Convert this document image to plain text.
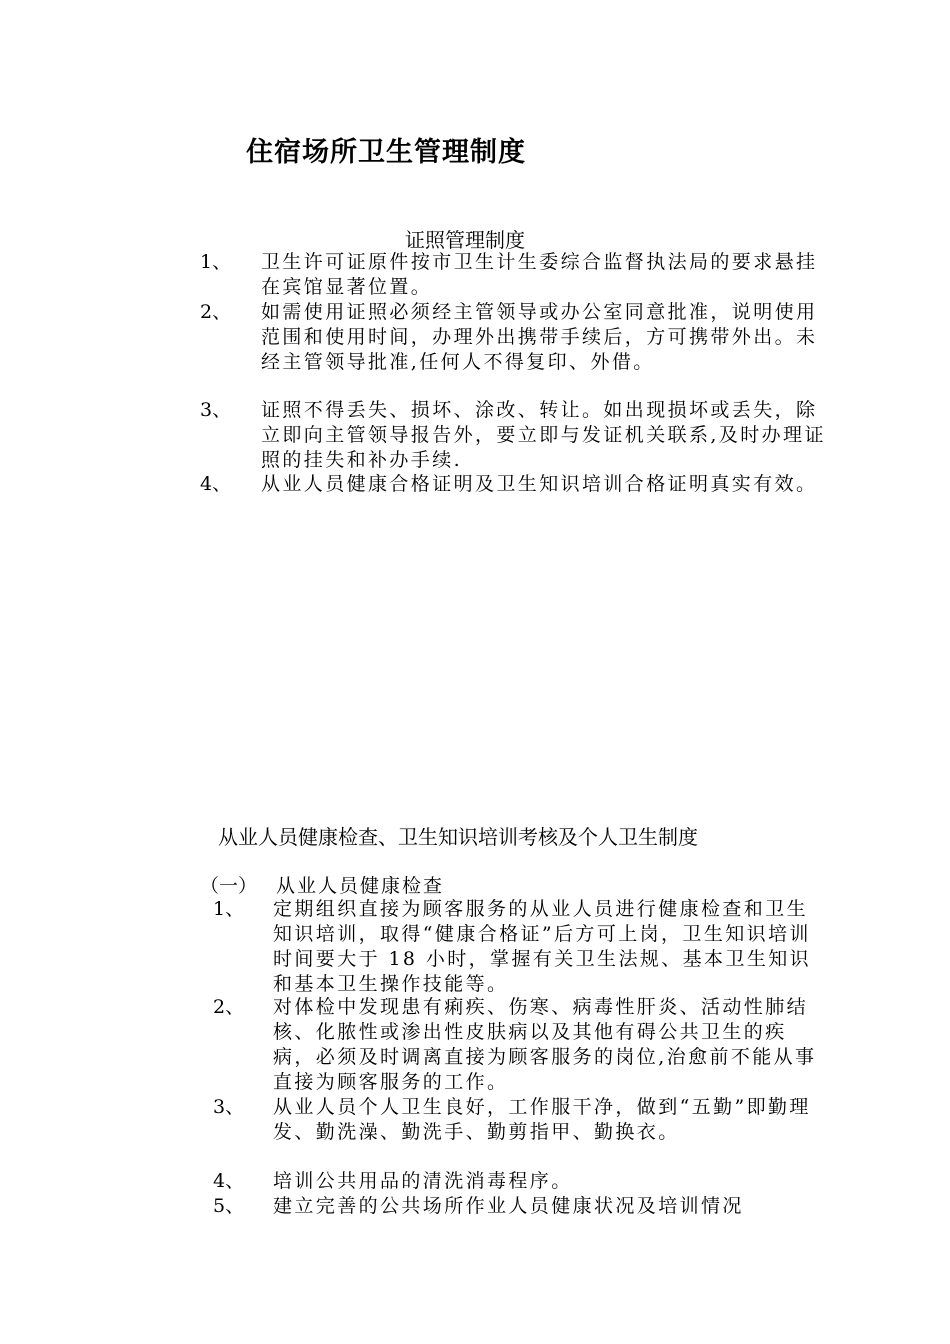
住宿场所卫生管理制度
证照管理制度
1、 卫生许可证原件按市卫生计生委综合监督执法局的要求悬挂在宾馆显著位置。
2、 如需使用证照必须经主管领导或办公室同意批准，说明使用范围和使用时间，办理外出携带手续后，方可携带外出。未经主管领导批准,任何人不得复印、外借。
3、 证照不得丢失、损坏、涂改、转让。如出现损坏或丢失，除立即向主管领导报告外，要立即与发证机关联系,及时办理证照的挂失和补办手续.
4、 从业人员健康合格证明及卫生知识培训合格证明真实有效。
从业人员健康检查、卫生知识培训考核及个人卫生制度
（一） 从业人员健康检查
1、 定期组织直接为顾客服务的从业人员进行健康检查和卫生知识培训，取得“健康合格证”后方可上岗，卫生知识培训时间要大于 18 小时，掌握有关卫生法规、基本卫生知识和基本卫生操作技能等。
2、 对体检中发现患有痢疾、伤寒、病毒性肝炎、活动性肺结核、化脓性或渗出性皮肤病以及其他有碍公共卫生的疾病，必须及时调离直接为顾客服务的岗位,治愈前不能从事直接为顾客服务的工作。
3、 从业人员个人卫生良好，工作服干净，做到“五勤”即勤理发、勤洗澡、勤洗手、勤剪指甲、勤换衣。
4、 培训公共用品的清洗消毒程序。
5、 建立完善的公共场所作业人员健康状况及培训情况
